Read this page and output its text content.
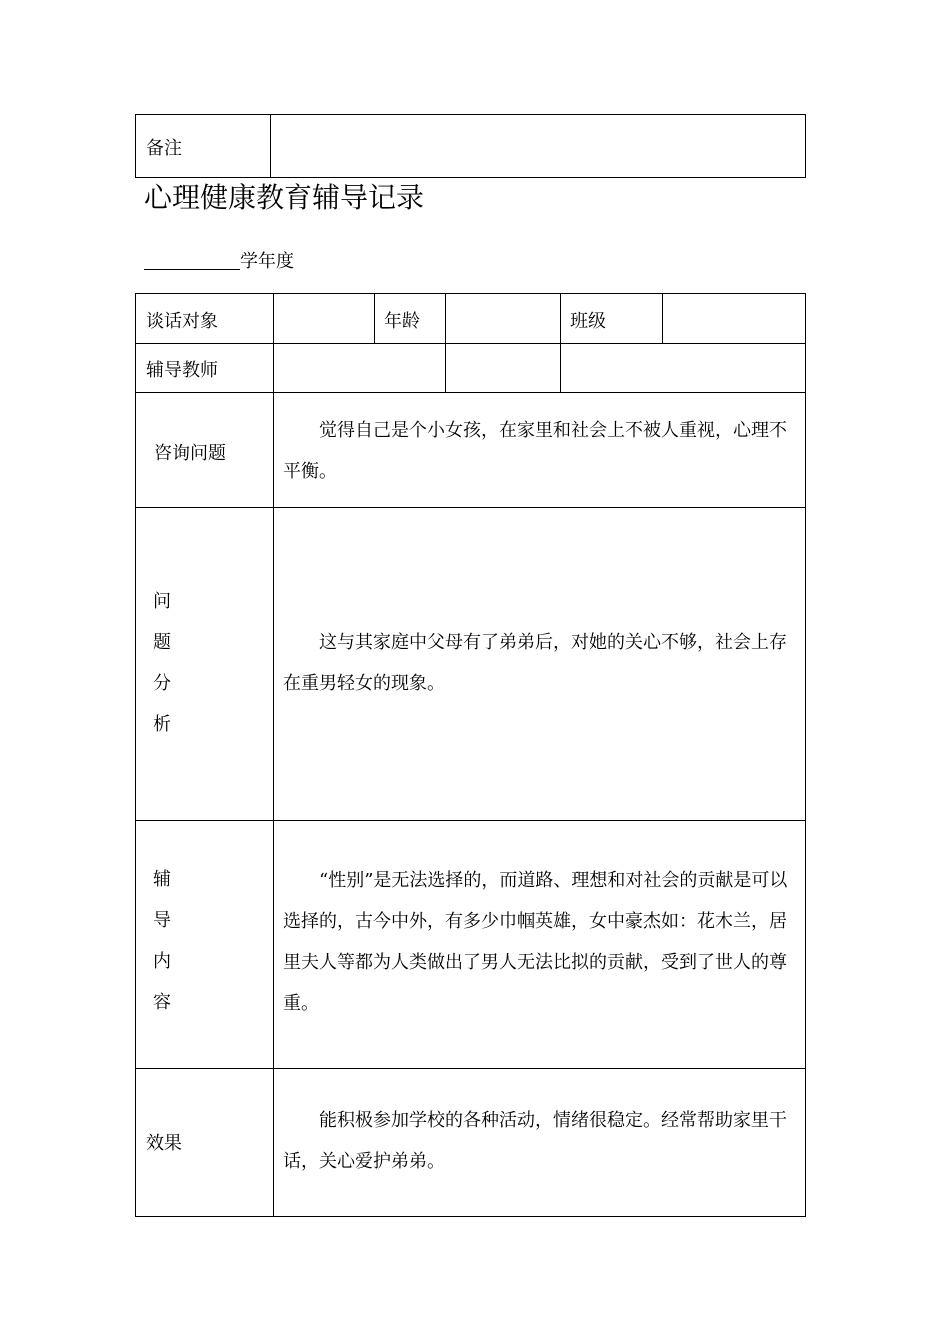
备注
心理健康教育辅导记录
学年度
谈话对象	年龄	班级
辅导教师
咨询问题
觉得自己是个小女孩，在家里和社会上不被人重视，心理不平衡。
问
题
分
析
这与其家庭中父母有了弟弟后，对她的关心不够，社会上存在重男轻女的现象。
辅
导
内
容
“性别”是无法选择的，而道路、理想和对社会的贡献是可以选择的，古今中外，有多少巾帼英雄，女中豪杰如：花木兰，居里夫人等都为人类做出了男人无法比拟的贡献，受到了世人的尊重。
效果
能积极参加学校的各种活动，情绪很稳定。经常帮助家里干话，关心爱护弟弟。
